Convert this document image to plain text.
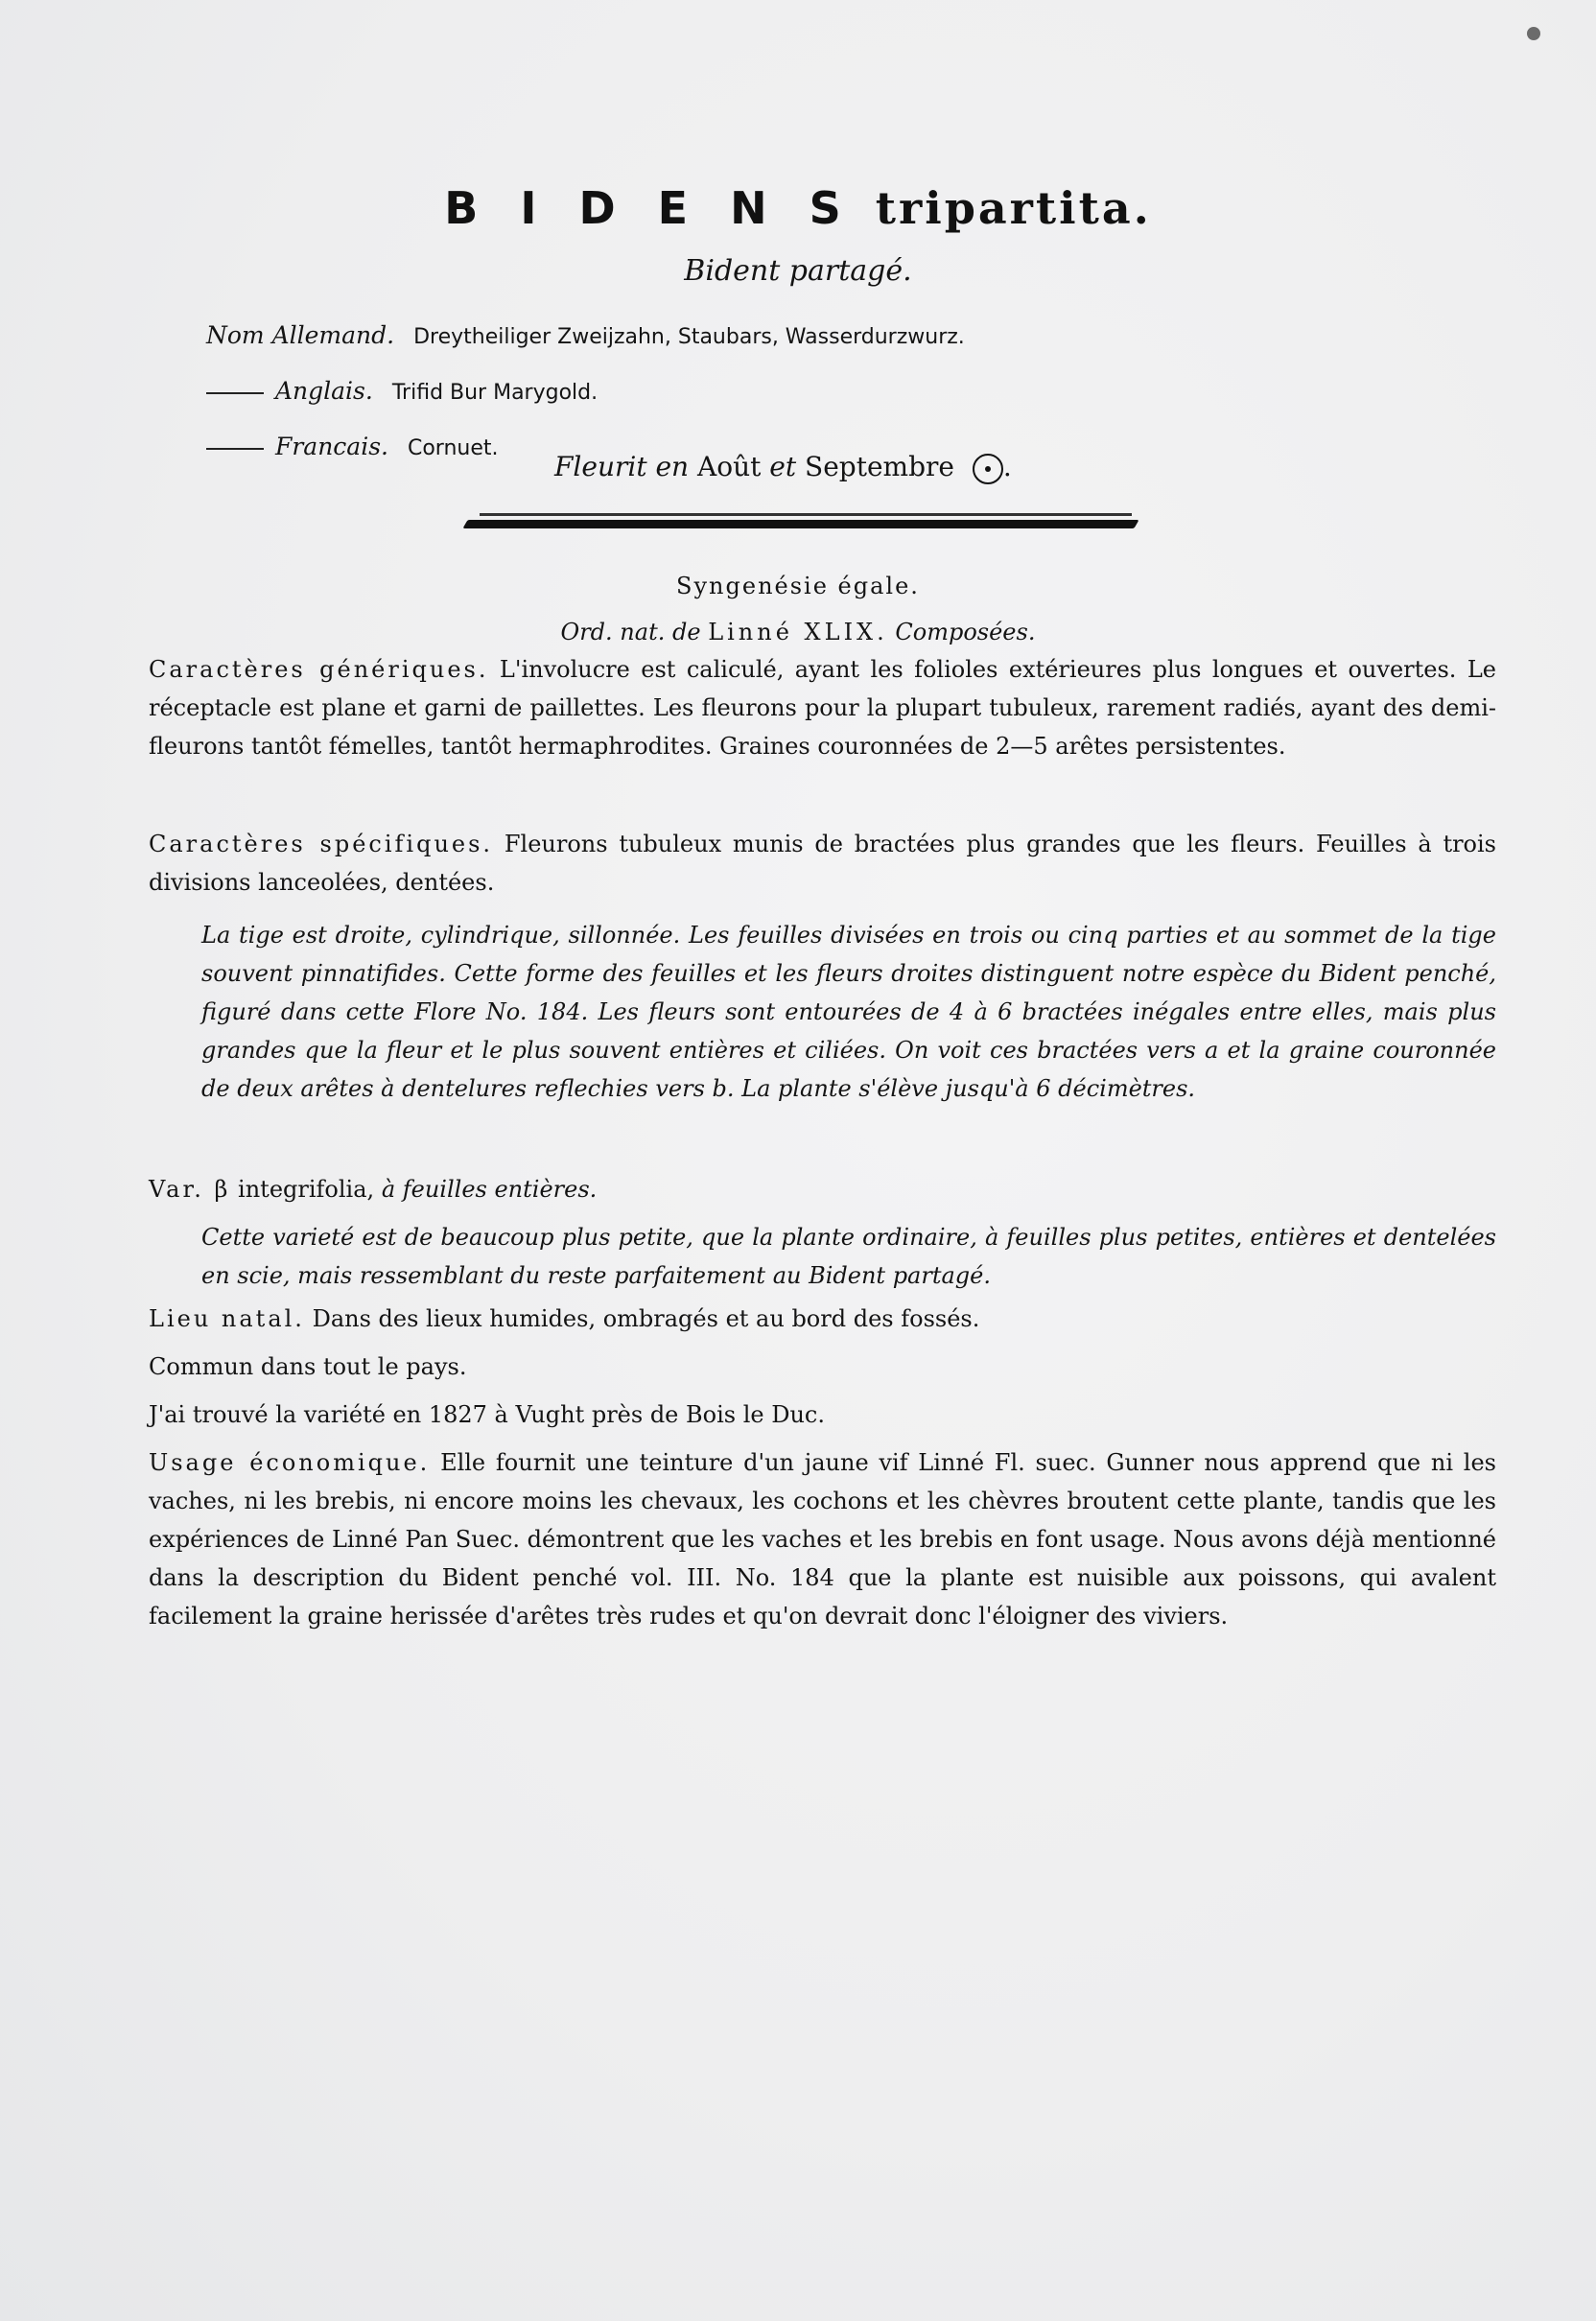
B I D E N S tripartita.
Bident partagé.
Nom Allemand. Dreytheiliger Zweijzahn, Staubars, Wasserdurzwurz.
Anglais. Trifid Bur Marygold.
Francais. Cornuet.
Fleurit en Août et Septembre .
Syngenésie égale.
Ord. nat. de Linné XLIX. Composées.

Caractères génériques. L'involucre est caliculé, ayant les folioles extérieures plus longues et ouvertes. Le réceptacle est plane et garni de paillettes. Les fleurons pour la plupart tubuleux, rarement radiés, ayant des demi-fleurons tantôt fémelles, tantôt hermaphrodites. Graines couronnées de 2—5 arêtes persistentes.

Caractères spécifiques. Fleurons tubuleux munis de bractées plus grandes que les fleurs. Feuilles à trois divisions lanceolées, dentées.

La tige est droite, cylindrique, sillonnée. Les feuilles divisées en trois ou cinq parties et au sommet de la tige souvent pinnatifides. Cette forme des feuilles et les fleurs droites distinguent notre espèce du Bident penché, figuré dans cette Flore No. 184. Les fleurs sont entourées de 4 à 6 bractées inégales entre elles, mais plus grandes que la fleur et le plus souvent entières et ciliées. On voit ces bractées vers a et la graine couronnée de deux arêtes à dentelures reflechies vers b. La plante s'élève jusqu'à 6 décimètres.

Var. β integrifolia, à feuilles entières.

Cette varieté est de beaucoup plus petite, que la plante ordinaire, à feuilles plus petites, entières et dentelées en scie, mais ressemblant du reste parfaitement au Bident partagé.

Lieu natal. Dans des lieux humides, ombragés et au bord des fossés.

Commun dans tout le pays.

J'ai trouvé la variété en 1827 à Vught près de Bois le Duc.

Usage économique. Elle fournit une teinture d'un jaune vif Linné Fl. suec. Gunner nous apprend que ni les vaches, ni les brebis, ni encore moins les chevaux, les cochons et les chèvres broutent cette plante, tandis que les expériences de Linné Pan Suec. démontrent que les vaches et les brebis en font usage. Nous avons déjà mentionné dans la description du Bident penché vol. III. No. 184 que la plante est nuisible aux poissons, qui avalent facilement la graine herissée d'arêtes très rudes et qu'on devrait donc l'éloigner des viviers.
